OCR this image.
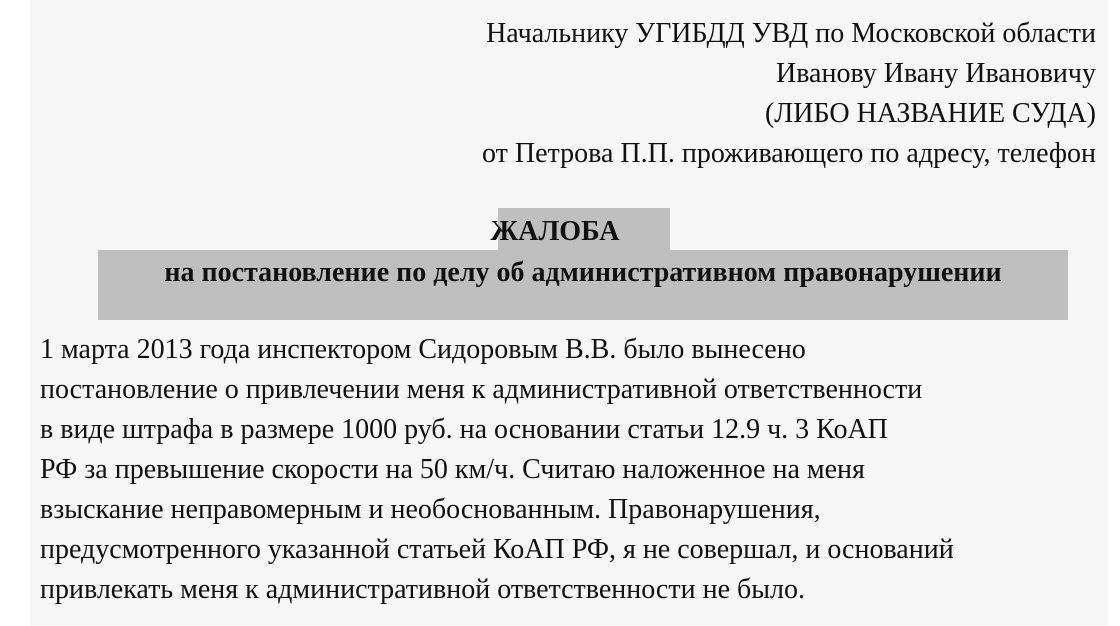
Начальнику УГИБДД УВД по Московской области
Иванову Ивану Ивановичу
(ЛИБО НАЗВАНИЕ СУДА)
от Петрова П.П. проживающего по адресу, телефон
ЖАЛОБА
на постановление по делу об административном правонарушении
1 марта 2013 года инспектором Сидоровым В.В. было вынесено
постановление о привлечении меня к административной ответственности
в виде штрафа в размере 1000 руб. на основании статьи 12.9 ч. 3 КоАП
РФ за превышение скорости на 50 км/ч. Считаю наложенное на меня
взыскание неправомерным и необоснованным. Правонарушения,
предусмотренного указанной статьей КоАП РФ, я не совершал, и оснований
привлекать меня к административной ответственности не было.
